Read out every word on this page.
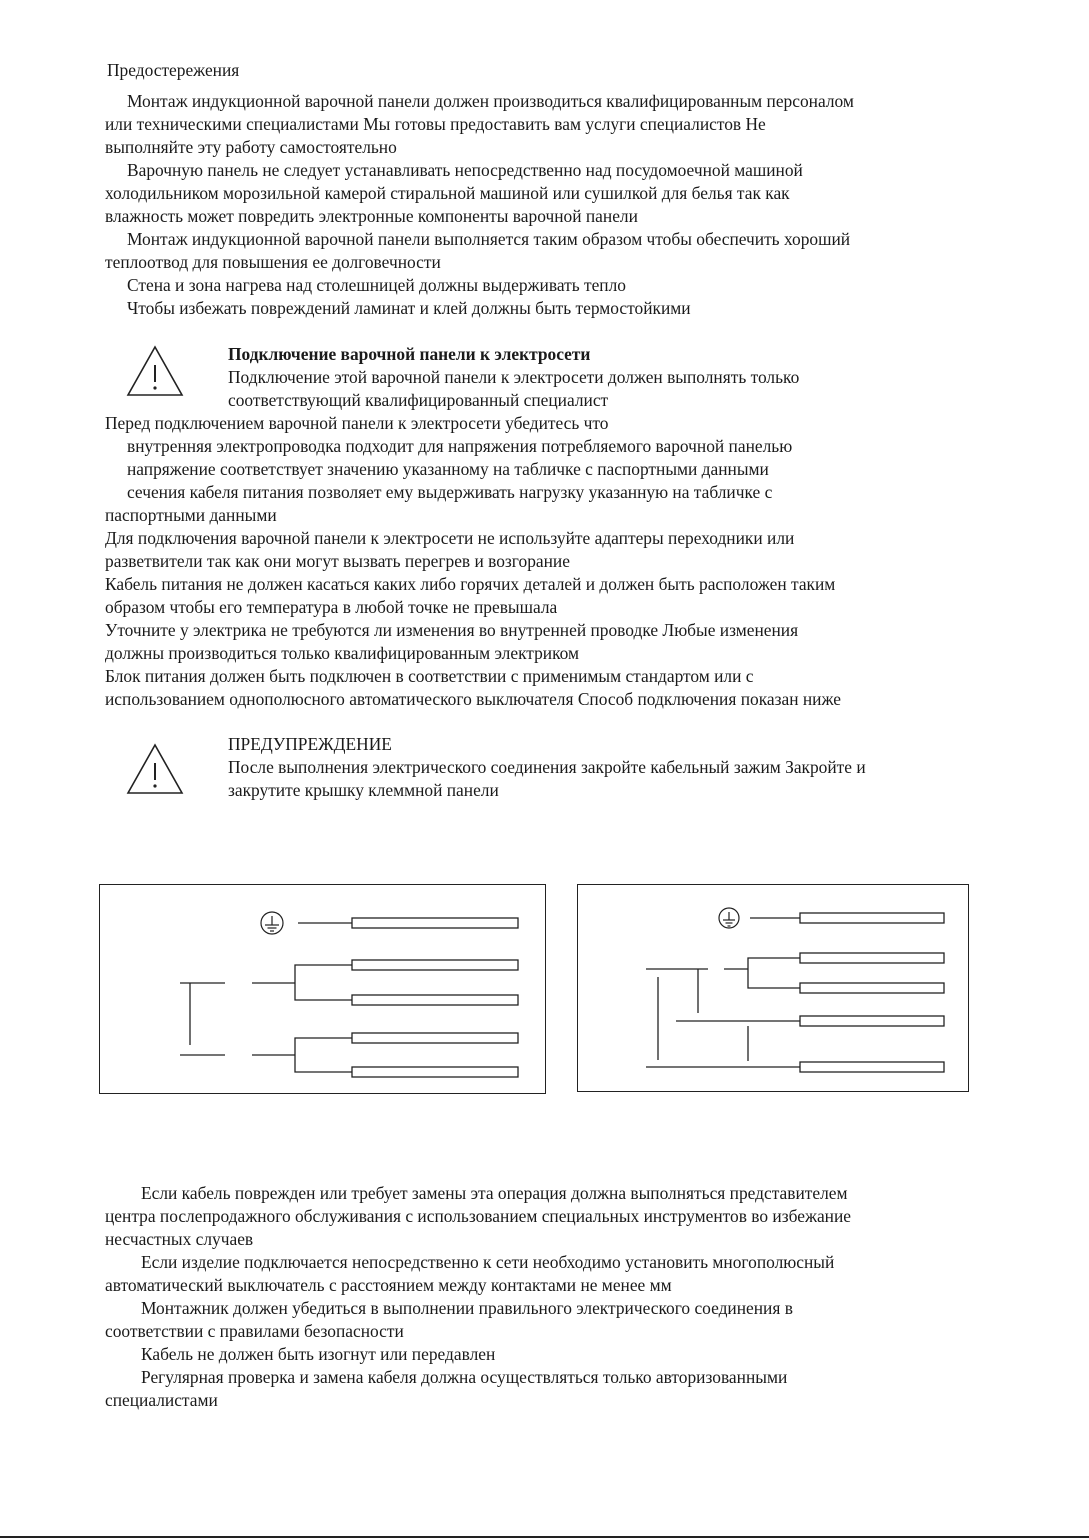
Предостережения

Монтаж индукционной варочной панели должен производиться квалифицированным персоналом

или техническими специалистами Мы готовы предоставить вам услуги специалистов Не

выполняйте эту работу самостоятельно

Варочную панель не следует устанавливать непосредственно над посудомоечной машиной

холодильником морозильной камерой стиральной машиной или сушилкой для белья так как

влажность может повредить электронные компоненты варочной панели

Монтаж индукционной варочной панели выполняется таким образом чтобы обеспечить хороший

теплоотвод для повышения ее долговечности

Стена и зона нагрева над столешницей должны выдерживать тепло

Чтобы избежать повреждений ламинат и клей должны быть термостойкими

Подключение варочной панели к электросети

Подключение этой варочной панели к электросети должен выполнять только

соответствующий квалифицированный специалист

Перед подключением варочной панели к электросети убедитесь что

внутренняя электропроводка подходит для напряжения потребляемого варочной панелью

напряжение соответствует значению указанному на табличке с паспортными данными

сечения кабеля питания позволяет ему выдерживать нагрузку указанную на табличке с

паспортными данными

Для подключения варочной панели к электросети не используйте адаптеры переходники или

разветвители так как они могут вызвать перегрев и возгорание

Кабель питания не должен касаться каких либо горячих деталей и должен быть расположен таким

образом чтобы его температура в любой точке не превышала

Уточните у электрика не требуются ли изменения во внутренней проводке Любые изменения

должны производиться только квалифицированным электриком

Блок питания должен быть подключен в соответствии с применимым стандартом или с

использованием однополюсного автоматического выключателя Способ подключения показан ниже

ПРЕДУПРЕЖДЕНИЕ

После выполнения электрического соединения закройте кабельный зажим Закройте и

закрутите крышку клеммной панели

Если кабель поврежден или требует замены эта операция должна выполняться представителем

центра послепродажного обслуживания с использованием специальных инструментов во избежание

несчастных случаев

Если изделие подключается непосредственно к сети необходимо установить многополюсный

автоматический выключатель с расстоянием между контактами не менее мм

Монтажник должен убедиться в выполнении правильного электрического соединения в

соответствии с правилами безопасности

Кабель не должен быть изогнут или передавлен

Регулярная проверка и замена кабеля должна осуществляться только авторизованными

специалистами
